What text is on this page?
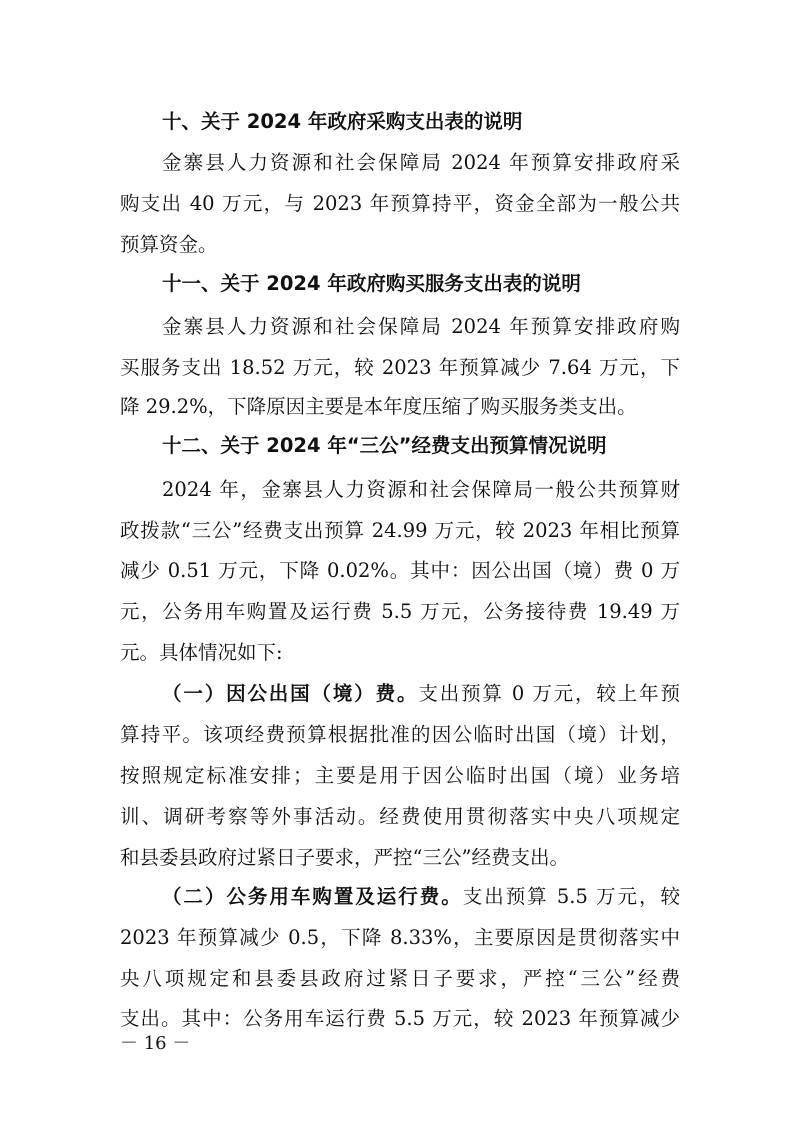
十、关于 2024 年政府采购支出表的说明
金寨县人力资源和社会保障局 2024 年预算安排政府采
购支出 40 万元，与 2023 年预算持平，资金全部为一般公共
预算资金。
十一、关于 2024 年政府购买服务支出表的说明
金寨县人力资源和社会保障局 2024 年预算安排政府购
买服务支出 18.52 万元，较 2023 年预算减少 7.64 万元，下
降 29.2%，下降原因主要是本年度压缩了购买服务类支出。
十二、关于 2024 年“三公”经费支出预算情况说明
2024 年，金寨县人力资源和社会保障局一般公共预算财
政拨款“三公”经费支出预算 24.99 万元，较 2023 年相比预算
减少 0.51 万元，下降 0.02%。其中：因公出国（境）费 0 万
元，公务用车购置及运行费 5.5 万元，公务接待费 19.49 万
元。具体情况如下:
（一）因公出国（境）费。支出预算 0 万元，较上年预
算持平。该项经费预算根据批准的因公临时出国（境）计划，
按照规定标准安排；主要是用于因公临时出国（境）业务培
训、调研考察等外事活动。经费使用贯彻落实中央八项规定
和县委县政府过紧日子要求，严控“三公”经费支出。
（二）公务用车购置及运行费。支出预算 5.5 万元，较
2023 年预算减少 0.5，下降 8.33%，主要原因是贯彻落实中
央八项规定和县委县政府过紧日子要求，严控“三公”经费
支出。其中：公务用车运行费 5.5 万元，较 2023 年预算减少
－ 16 －
